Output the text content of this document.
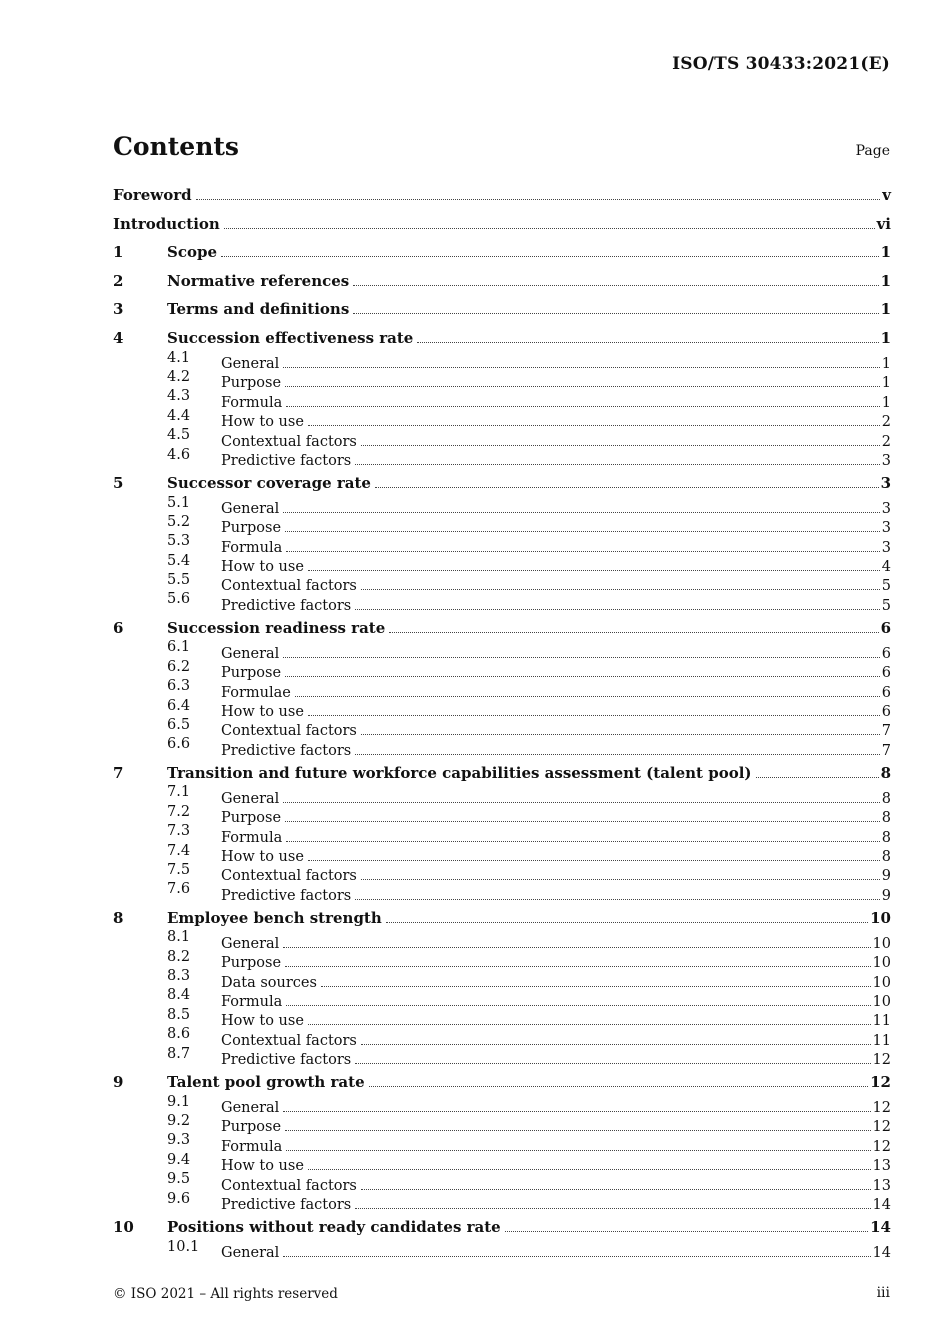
ISO/TS 30433:2021(E)
Contents	Page
Foreword	v
Introduction	vi
1	Scope	1
2	Normative references	1
3	Terms and definitions	1
4	Succession effectiveness rate	1
4.1	General	1
4.2	Purpose	1
4.3	Formula	1
4.4	How to use	2
4.5	Contextual factors	2
4.6	Predictive factors	3
5	Successor coverage rate	3
5.1	General	3
5.2	Purpose	3
5.3	Formula	3
5.4	How to use	4
5.5	Contextual factors	5
5.6	Predictive factors	5
6	Succession readiness rate	6
6.1	General	6
6.2	Purpose	6
6.3	Formulae	6
6.4	How to use	6
6.5	Contextual factors	7
6.6	Predictive factors	7
7	Transition and future workforce capabilities assessment (talent pool)	8
7.1	General	8
7.2	Purpose	8
7.3	Formula	8
7.4	How to use	8
7.5	Contextual factors	9
7.6	Predictive factors	9
8	Employee bench strength	10
8.1	General	10
8.2	Purpose	10
8.3	Data sources	10
8.4	Formula	10
8.5	How to use	11
8.6	Contextual factors	11
8.7	Predictive factors	12
9	Talent pool growth rate	12
9.1	General	12
9.2	Purpose	12
9.3	Formula	12
9.4	How to use	13
9.5	Contextual factors	13
9.6	Predictive factors	14
10	Positions without ready candidates rate	14
10.1	General	14
© ISO 2021 – All rights reserved	iii
